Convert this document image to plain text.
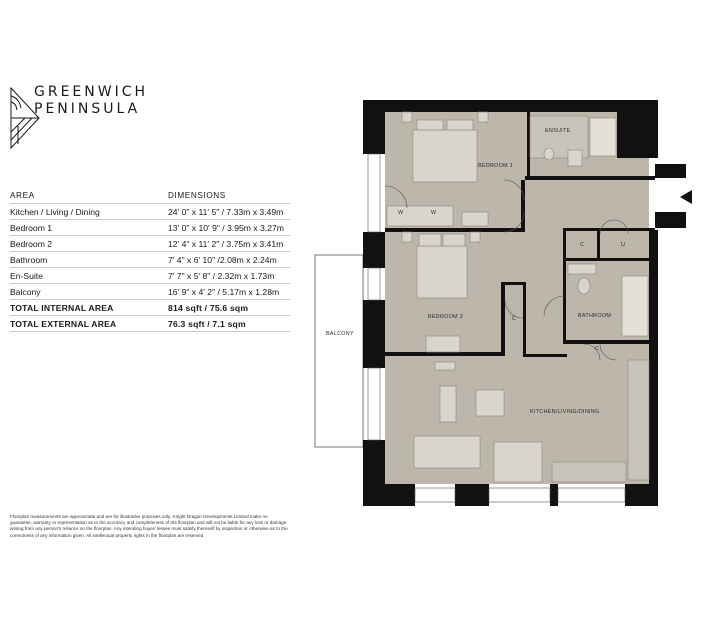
GREENWICH
PENINSULA
AREA	DIMENSIONS
Kitchen / Living / Dining	24' 0" x 11' 5" / 7.33m x 3.49m
Bedroom 1	13' 0" x 10' 9" / 3.95m x 3.27m
Bedroom 2	12' 4" x 11' 2" / 3.75m x 3.41m
Bathroom	7' 4" x 6' 10" /2.08m x 2.24m
En-Suite	7' 7" x 5' 8" / 2.32m x 1.73m
Balcony	16' 9" x 4' 2" / 5.17m x 1.28m
TOTAL INTERNAL AREA	814 sqft / 75.6 sqm
TOTAL EXTERNAL AREA	76.3 sqft / 7.1 sqm
Floorplan measurements are approximate and are for illustrative purposes only. Knight Dragon Developments Limited make no guarantee, warranty or representation as to the accuracy and completeness of the floorplan and will not be liable for any loss or damage arising from any person's reliance on the floorplan. Any intending buyer/ lessee must satisfy themself by inspection or otherwise as to the correctness of any information given. All intellectual property rights in the floorplan are reserved.
BALCONY
BEDROOM 1
ENSUITE
BEDROOM 2	BATHROOM
KITCHEN/LIVING/DINING
C	U
C
C
W	W
